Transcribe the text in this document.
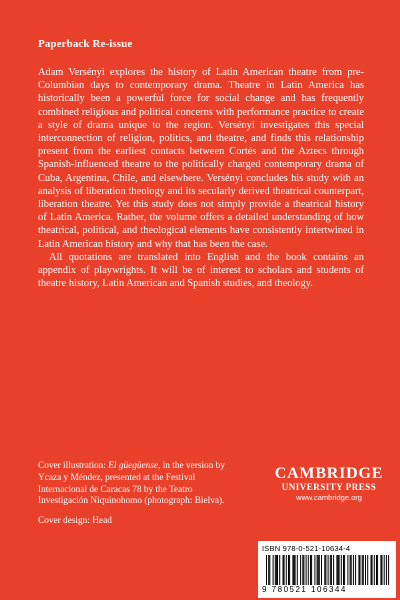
Paperback Re-issue

Adam Versényi explores the history of Latin American theatre from pre-Columbian days to contemporary drama. Theatre in Latin America has historically been a powerful force for social change and has frequently combined religious and political concerns with performance practice to create a style of drama unique to the region. Versényi investigates this special interconnection of religion, politics, and theatre, and finds this relationship present from the earliest contacts between Cortés and the Aztecs through Spanish-influenced theatre to the politically charged contemporary drama of Cuba, Argentina, Chile, and elsewhere. Versényi concludes his study with an analysis of liberation theology and its secularly derived theatrical counterpart, liberation theatre. Yet this study does not simply provide a theatrical history of Latin America. Rather, the volume offers a detailed understanding of how theatrical, political, and theological elements have consistently intertwined in Latin American history and why that has been the case.

All quotations are translated into English and the book contains an appendix of playwrights. It will be of interest to scholars and students of theatre history, Latin American and Spanish studies, and theology.

Cover illustration: El güegüense, in the version by Ycaza y Méndez, presented at the Festival Internacional de Caracas 78 by the Teatro Investigación Niquinohomo (photograph: Bielva).

Cover design: Head

CAMBRIDGE
UNIVERSITY PRESS
www.cambridge.org
ISBN 978-0-521-10634-4
9 780521 106344
